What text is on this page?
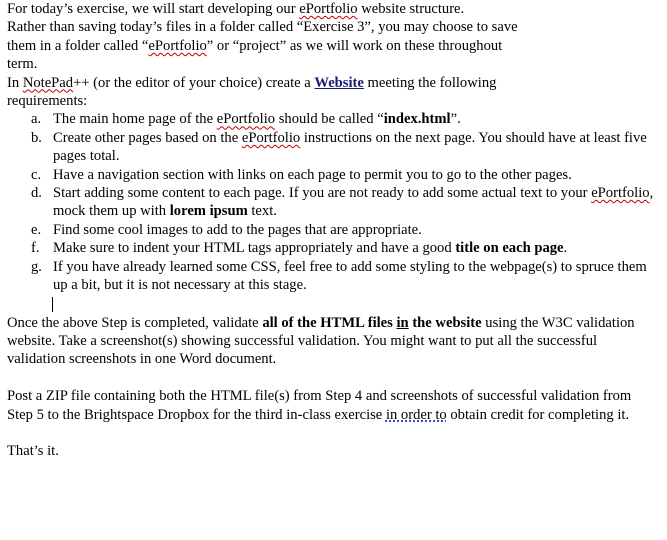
For today’s exercise, we will start developing our ePortfolio website structure.
Rather than saving today’s files in a folder called “Exercise 3”, you may choose to save
them in a folder called “ePortfolio” or “project” as we will work on these throughout
term.
In NotePad++ (or the editor of your choice) create a Website meeting the following
requirements:

a. The main home page of the ePortfolio should be called “index.html”.
b. Create other pages based on the ePortfolio instructions on the next page. You should have at least five pages total.
c. Have a navigation section with links on each page to permit you to go to the other pages.
d. Start adding some content to each page. If you are not ready to add some actual text to your ePortfolio, mock them up with lorem ipsum text.
e. Find some cool images to add to the pages that are appropriate.
f. Make sure to indent your HTML tags appropriately and have a good title on each page.
g. If you have already learned some CSS, feel free to add some styling to the webpage(s) to spruce them up a bit, but it is not necessary at this stage.

Once the above Step is completed, validate all of the HTML files in the website using the W3C validation website. Take a screenshot(s) showing successful validation. You might want to put all the successful validation screenshots in one Word document.

Post a ZIP file containing both the HTML file(s) from Step 4 and screenshots of successful validation from Step 5 to the Brightspace Dropbox for the third in-class exercise in order to obtain credit for completing it.

That’s it.
